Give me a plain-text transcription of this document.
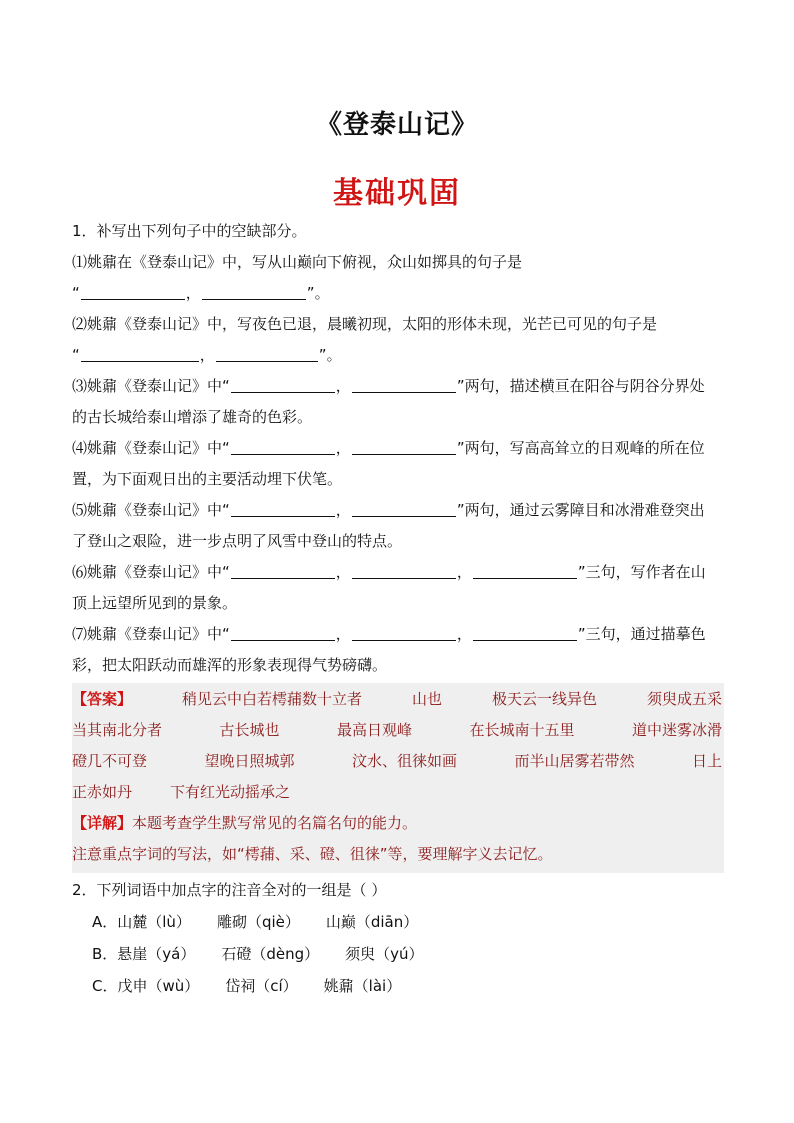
《登泰山记》
基础巩固
1．补写出下列句子中的空缺部分。
⑴姚鼐在《登泰山记》中，写从山巅向下俯视，众山如掷具的句子是
“	，	”。
⑵姚鼐《登泰山记》中，写夜色已退，晨曦初现，太阳的形体未现，光芒已可见的句子是
“	，	”。
⑶姚鼐《登泰山记》中“	，	”两句，描述横亘在阳谷与阴谷分界处
的古长城给泰山增添了雄奇的色彩。
⑷姚鼐《登泰山记》中“	，	”两句，写高高耸立的日观峰的所在位
置，为下面观日出的主要活动埋下伏笔。
⑸姚鼐《登泰山记》中“	，	”两句，通过云雾障目和冰滑难登突出
了登山之艰险，进一步点明了风雪中登山的特点。
⑹姚鼐《登泰山记》中“	，	，	”三句，写作者在山
顶上远望所见到的景象。
⑺姚鼐《登泰山记》中“	，	，	”三句，通过描摹色
彩，把太阳跃动而雄浑的形象表现得气势磅礴。
【答案】	稍见云中白若樗蒱数十立者	山也	极天云一线异色	须臾成五采
当其南北分者	古长城也	最高日观峰	在长城南十五里	道中迷雾冰滑
磴几不可登	望晚日照城郭	汶水、徂徕如画	而半山居雾若带然	日上
正赤如丹	下有红光动摇承之
【详解】本题考查学生默写常见的名篇名句的能力。
注意重点字词的写法，如“樗蒱、采、磴、徂徕”等，要理解字义去记忆。
2．下列词语中加点字的注音全对的一组是（ ）
A．山麓（lù） 雕砌（qiè） 山巅（diān）
B．悬崖（yá） 石磴（dèng） 须臾（yú）
C．戊申（wù） 岱祠（cí） 姚鼐（lài）
